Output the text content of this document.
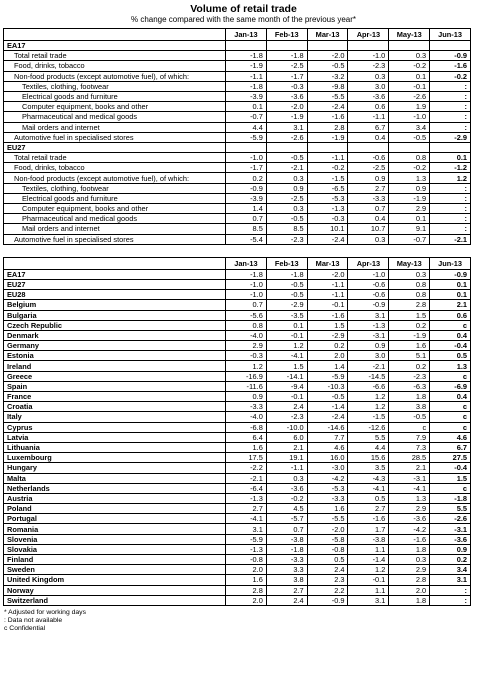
Volume of retail trade
% change compared with the same month of the previous year*
	Jan-13	Feb-13	Mar-13	Apr-13	May-13	Jun-13
EA17						
Total retail trade	-1.8	-1.8	-2.0	-1.0	0.3	-0.9
Food, drinks, tobacco	-1.9	-2.5	-0.5	-2.3	-0.2	-1.6
Non-food products (except automotive fuel), of which:	-1.1	-1.7	-3.2	0.3	0.1	-0.2
Textiles, clothing, footwear	-1.8	-0.3	-9.8	3.0	-0.1	:
Electrical goods and furniture	-3.9	-3.6	-5.5	-3.6	-2.6	:
Computer equipment, books and other	0.1	-2.0	-2.4	0.6	1.9	:
Pharmaceutical and medical goods	-0.7	-1.9	-1.6	-1.1	-1.0	:
Mail orders and internet	4.4	3.1	2.8	6.7	3.4	:
Automotive fuel in specialised stores	-5.9	-2.6	-1.9	0.4	-0.5	-2.9
EU27						
Total retail trade	-1.0	-0.5	-1.1	-0.6	0.8	0.1
Food, drinks, tobacco	-1.7	-2.1	-0.2	-2.5	-0.2	-1.2
Non-food products (except automotive fuel), of which:	0.2	0.3	-1.5	0.9	1.3	1.2
Textiles, clothing, footwear	-0.9	0.9	-6.5	2.7	0.9	:
Electrical goods and furniture	-3.9	-2.5	-5.3	-3.3	-1.9	:
Computer equipment, books and other	1.4	0.3	-1.3	0.7	2.9	:
Pharmaceutical and medical goods	0.7	-0.5	-0.3	0.4	0.1	:
Mail orders and internet	8.5	8.5	10.1	10.7	9.1	:
Automotive fuel in specialised stores	-5.4	-2.3	-2.4	0.3	-0.7	-2.1
	Jan-13	Feb-13	Mar-13	Apr-13	May-13	Jun-13
EA17	-1.8	-1.8	-2.0	-1.0	0.3	-0.9
EU27	-1.0	-0.5	-1.1	-0.6	0.8	0.1
EU28	-1.0	-0.5	-1.1	-0.6	0.8	0.1
Belgium	0.7	-2.9	-0.1	-0.9	2.8	2.1
Bulgaria	-5.6	-3.5	-1.6	3.1	1.5	0.6
Czech Republic	0.8	0.1	1.5	-1.3	0.2	c
Denmark	-4.0	-0.1	-2.9	-3.1	-1.9	0.4
Germany	2.9	1.2	0.2	0.9	1.6	-0.4
Estonia	-0.3	-4.1	2.0	3.0	5.1	0.5
Ireland	1.2	1.5	1.4	-2.1	0.2	1.3
Greece	-16.9	-14.1	-5.9	-14.5	-2.3	c
Spain	-11.6	-9.4	-10.3	-6.6	-6.3	-6.9
France	0.9	-0.1	-0.5	1.2	1.8	0.4
Croatia	-3.3	2.4	-1.4	1.2	3.8	c
Italy	-4.0	-2.3	-2.4	-1.5	-0.5	c
Cyprus	-6.8	-10.0	-14.6	-12.6	c	c
Latvia	6.4	6.0	7.7	5.5	7.9	4.6
Lithuania	1.6	2.1	4.6	4.4	7.3	6.7
Luxembourg	17.5	19.1	16.0	15.6	28.5	27.5
Hungary	-2.2	-1.1	-3.0	3.5	2.1	-0.4
Malta	-2.1	0.3	-4.2	-4.3	-3.1	1.5
Netherlands	-6.4	-3.6	-5.3	-4.1	-4.1	c
Austria	-1.3	-0.2	-3.3	0.5	1.3	-1.8
Poland	2.7	4.5	1.6	2.7	2.9	5.5
Portugal	-4.1	-5.7	-5.5	-1.6	-3.6	-2.6
Romania	3.1	0.7	-2.0	1.7	-4.2	-3.1
Slovenia	-5.9	-3.8	-5.8	-3.8	-1.6	-3.6
Slovakia	-1.3	-1.8	-0.8	1.1	1.8	0.9
Finland	-0.8	-3.3	0.5	-1.4	0.3	0.2
Sweden	2.0	3.3	2.4	1.2	2.9	3.4
United Kingdom	1.6	3.8	2.3	-0.1	2.8	3.1
Norway	2.8	2.7	2.2	1.1	2.0	:
Switzerland	2.0	2.4	-0.9	3.1	1.8	:
* Adjusted for working days
: Data not available
c Confidential
